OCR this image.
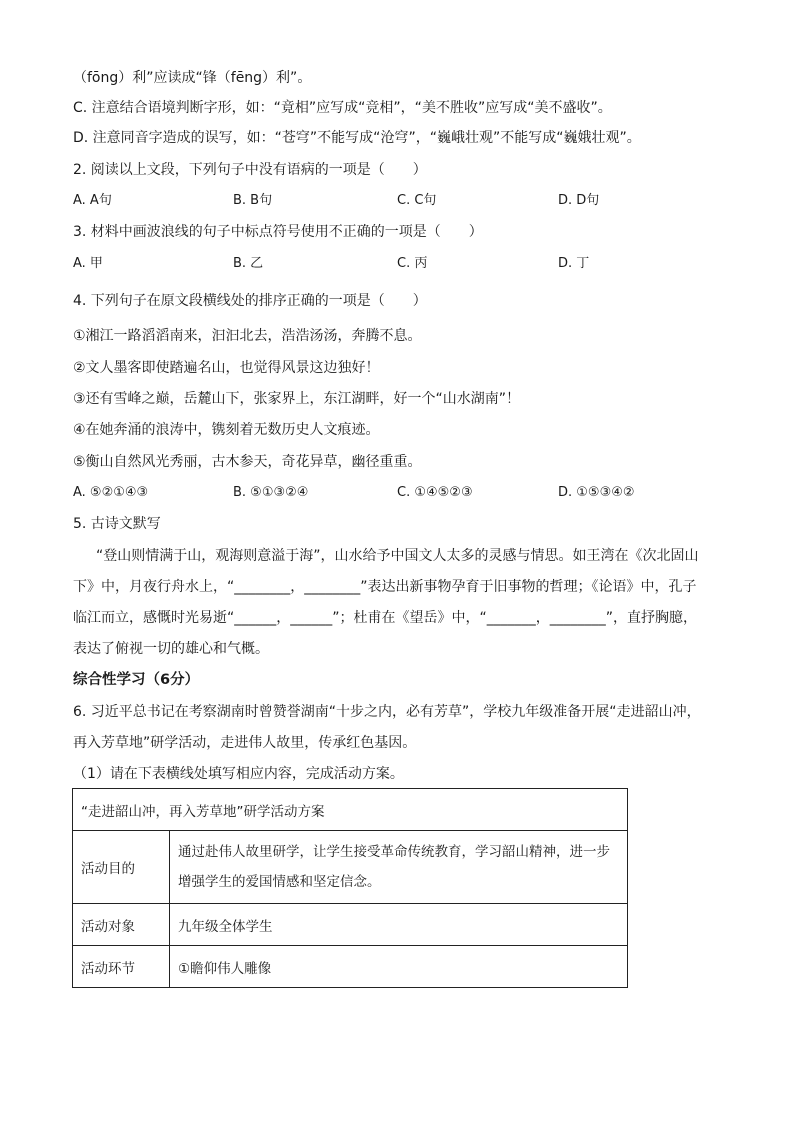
（fōng）利”应读成“锋（fēng）利”。
C. 注意结合语境判断字形，如：“竟相”应写成“竞相”，“美不胜收”应写成“美不盛收”。
D. 注意同音字造成的误写，如：“苍穹”不能写成“沧穹”，“巍峨壮观”不能写成“巍娥壮观”。
2. 阅读以上文段，下列句子中没有语病的一项是（　　）
A. A句	B. B句	C. C句	D. D句
3. 材料中画波浪线的句子中标点符号使用不正确的一项是（　　）
A. 甲	B. 乙	C. 丙	D. 丁
4. 下列句子在原文段横线处的排序正确的一项是（　　）
①湘江一路滔滔南来，汩汩北去，浩浩汤汤，奔腾不息。
②文人墨客即使踏遍名山，也觉得风景这边独好！
③还有雪峰之巅，岳麓山下，张家界上，东江湖畔，好一个“山水湖南”！
④在她奔涌的浪涛中，镌刻着无数历史人文痕迹。
⑤衡山自然风光秀丽，古木参天，奇花异草，幽径重重。
A. ⑤②①④③	B. ⑤①③②④	C. ①④⑤②③	D. ①⑤③④②
5. 古诗文默写
“登山则情满于山，观海则意溢于海”，山水给予中国文人太多的灵感与情思。如王湾在《次北固山
下》中，月夜行舟水上，“________，________”表达出新事物孕育于旧事物的哲理；《论语》中，孔子
临江而立，感慨时光易逝“______，______”；杜甫在《望岳》中，“_______，________”，直抒胸臆，
表达了俯视一切的雄心和气概。
综合性学习（6分）
6. 习近平总书记在考察湖南时曾赞誉湖南“十步之内，必有芳草”，学校九年级准备开展“走进韶山冲，
再入芳草地”研学活动，走进伟人故里，传承红色基因。
（1）请在下表横线处填写相应内容，完成活动方案。
“走进韶山冲，再入芳草地”研学活动方案	
活动目的	通过赴伟人故里研学，让学生接受革命传统教育，学习韶山精神，进一步
增强学生的爱国情感和坚定信念。

活动对象	九年级全体学生
活动环节	①瞻仰伟人雕像
